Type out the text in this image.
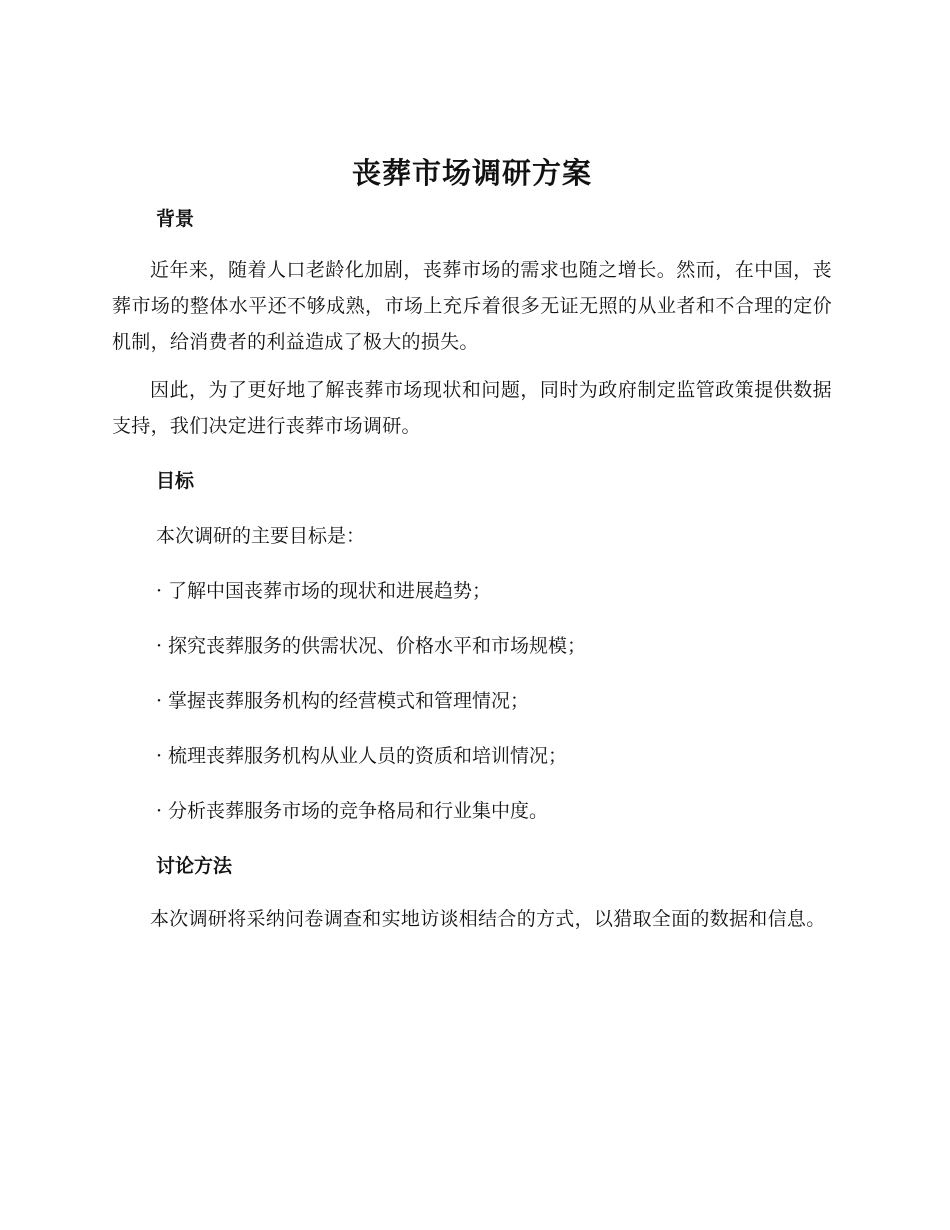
丧葬市场调研方案
背景

近年来，随着人口老龄化加剧，丧葬市场的需求也随之增长。然而，在中国，丧葬市场的整体水平还不够成熟，市场上充斥着很多无证无照的从业者和不合理的定价机制，给消费者的利益造成了极大的损失。

因此，为了更好地了解丧葬市场现状和问题，同时为政府制定监管政策提供数据支持，我们决定进行丧葬市场调研。

目标

本次调研的主要目标是：

· 了解中国丧葬市场的现状和进展趋势；
· 探究丧葬服务的供需状况、价格水平和市场规模；
· 掌握丧葬服务机构的经营模式和管理情况；
· 梳理丧葬服务机构从业人员的资质和培训情况；
· 分析丧葬服务市场的竞争格局和行业集中度。
讨论方法

本次调研将采纳问卷调查和实地访谈相结合的方式，以猎取全面的数据和信息。
